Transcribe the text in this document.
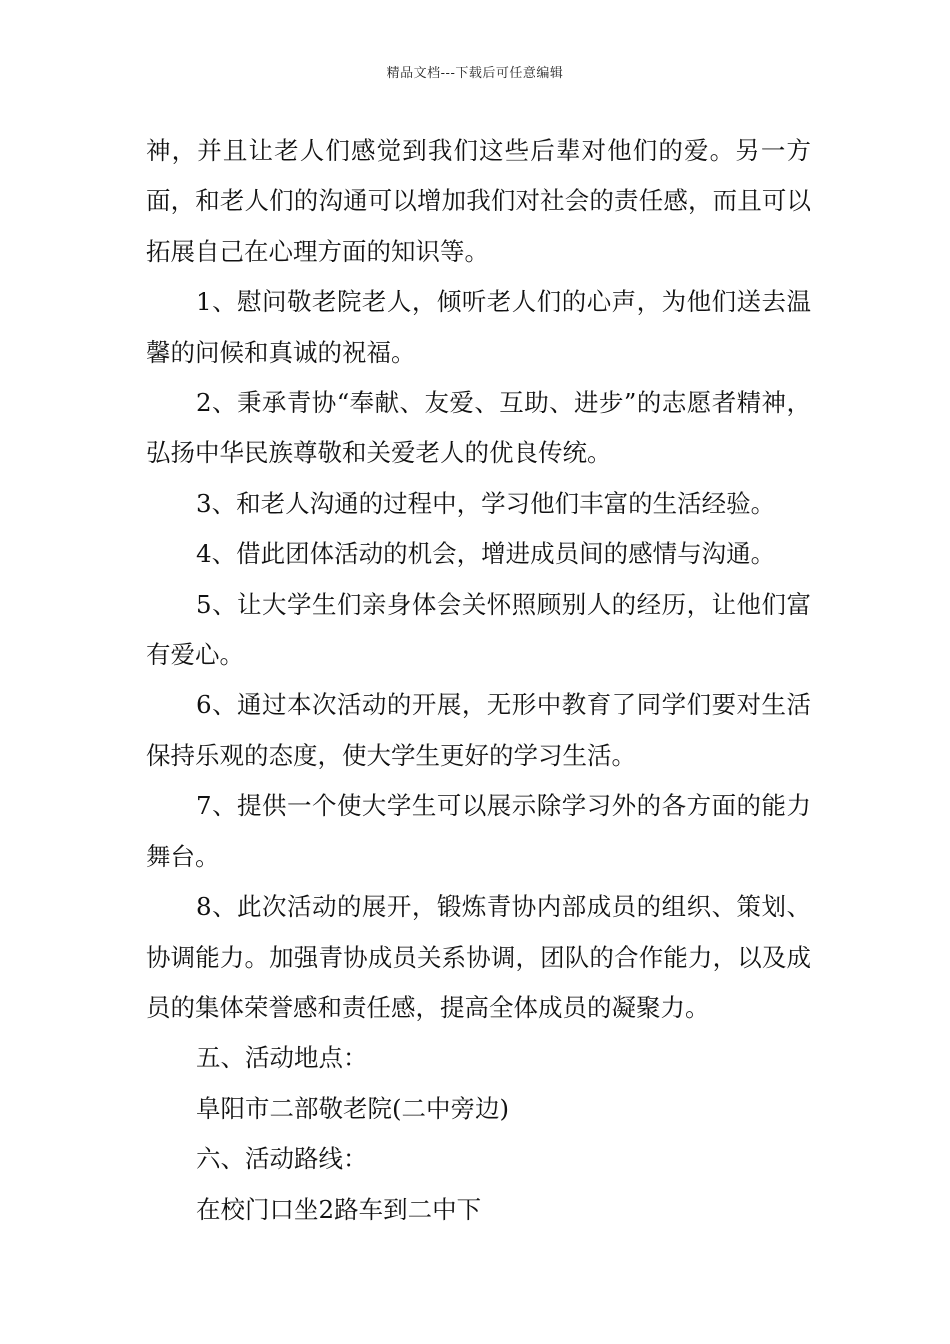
精品文档---下载后可任意编辑

神，并且让老人们感觉到我们这些后辈对他们的爱。另一方面，和老人们的沟通可以增加我们对社会的责任感，而且可以拓展自己在心理方面的知识等。

1、慰问敬老院老人，倾听老人们的心声，为他们送去温馨的问候和真诚的祝福。

2、秉承青协“奉献、友爱、互助、进步”的志愿者精神，弘扬中华民族尊敬和关爱老人的优良传统。

3、和老人沟通的过程中，学习他们丰富的生活经验。

4、借此团体活动的机会，增进成员间的感情与沟通。

5、让大学生们亲身体会关怀照顾别人的经历，让他们富有爱心。

6、通过本次活动的开展，无形中教育了同学们要对生活保持乐观的态度，使大学生更好的学习生活。

7、提供一个使大学生可以展示除学习外的各方面的能力舞台。

8、此次活动的展开，锻炼青协内部成员的组织、策划、协调能力。加强青协成员关系协调，团队的合作能力，以及成员的集体荣誉感和责任感，提高全体成员的凝聚力。

五、活动地点：

阜阳市二部敬老院(二中旁边)

六、活动路线：

在校门口坐2路车到二中下
